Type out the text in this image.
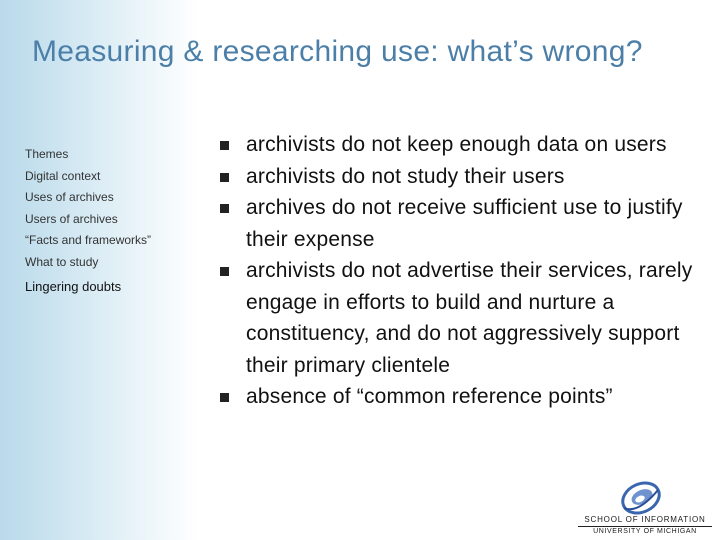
Measuring & researching use: what’s wrong?
Themes
Digital context
Uses of archives
Users of archives
“Facts and frameworks”
What to study
Lingering doubts
archivists do not keep enough data on users
archivists do not study their users
archives do not receive sufficient use to justify their expense
archivists do not advertise their services, rarely engage in efforts to build and nurture a constituency, and do not aggressively support their primary clientele
absence of “common reference points”
SCHOOL OF INFORMATION
UNIVERSITY OF MICHIGAN
